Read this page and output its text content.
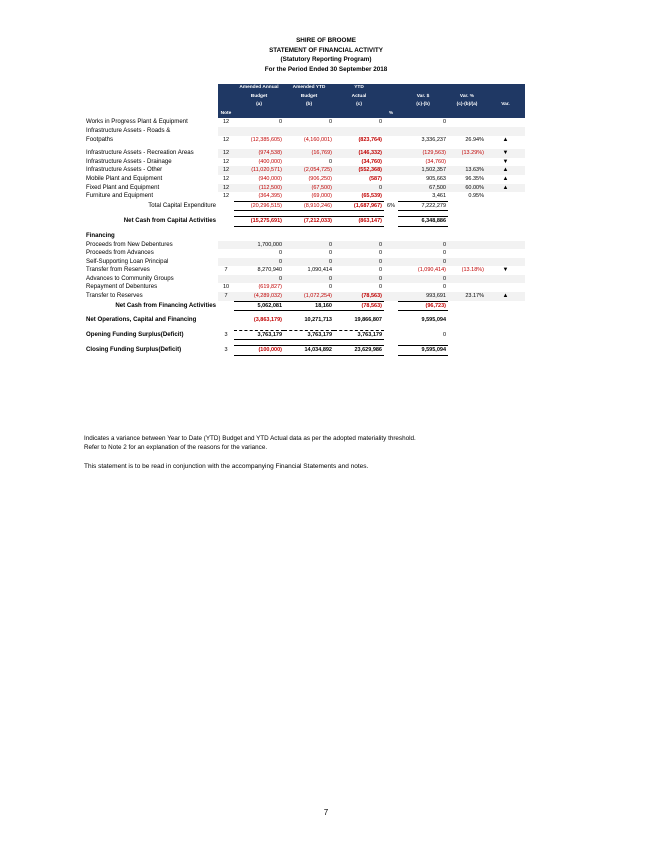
SHIRE OF BROOME
STATEMENT OF FINANCIAL ACTIVITY
(Statutory Reporting Program)
For the Period Ended 30 September 2018
		Amended Annual	Amended YTD	YTD				
		Budget	Budget	Actual		Var. $	Var. %	
		(a)	(b)	(c)		(c)-(b)	(c)-(b)/(a)	Var.
	Note				%			
Works in Progress Plant & Equipment	12	0	0	0		0		
Infrastructure Assets - Roads &								
Footpaths	12	(12,385,605)	(4,160,001)	(823,764)		3,336,237	26.94%	▲

Infrastructure Assets - Recreation Areas	12	(974,538)	(16,769)	(146,332)		(129,563)	(13.29%)	▼
Infrastructure Assets - Drainage	12	(400,000)	0	(34,760)		(34,760)		▼
Infrastructure Assets - Other	12	(11,020,571)	(2,054,725)	(552,368)		1,502,357	13.63%	▲
Mobile Plant and Equipment	12	(940,000)	(906,250)	(587)		905,663	96.35%	▲
Fixed Plant and Equipment	12	(112,500)	(67,500)	0		67,500	60.00%	▲
Furniture and Equipment	12	(364,395)	(69,000)	(65,539)		3,461	0.95%	
Total Capital Expenditure		(20,296,515)	(8,910,246)	(1,687,967)	6%	7,222,279		

Net Cash from Capital Activities		(15,275,691)	(7,212,033)	(863,147)		6,348,886		

Financing								
Proceeds from New Debentures		1,700,000	0	0		0		
Proceeds from Advances		0	0	0		0		
Self-Supporting Loan Principal		0	0	0		0		
Transfer from Reserves	7	8,270,940	1,090,414	0		(1,090,414)	(13.18%)	▼
Advances to Community Groups		0	0	0		0		
Repayment of Debentures	10	(619,827)	0	0		0		
Transfer to Reserves	7	(4,289,032)	(1,072,254)	(78,563)		993,691	23.17%	▲
Net Cash from Financing Activities		5,062,081	18,160	(78,563)		(96,723)		

Net Operations, Capital and Financing		(3,863,179)	10,271,713	19,866,807		9,595,094		

Opening Funding Surplus(Deficit)	3	3,763,179	3,763,179	3,763,179		0		

Closing Funding Surplus(Deficit)	3	(100,000)	14,034,892	23,629,986		9,595,094		
Indicates a variance between Year to Date (YTD) Budget and YTD Actual data as per the adopted materiality threshold.
Refer to Note 2 for an explanation of the reasons for the variance.
This statement is to be read in conjunction with the accompanying Financial Statements and notes.
7
